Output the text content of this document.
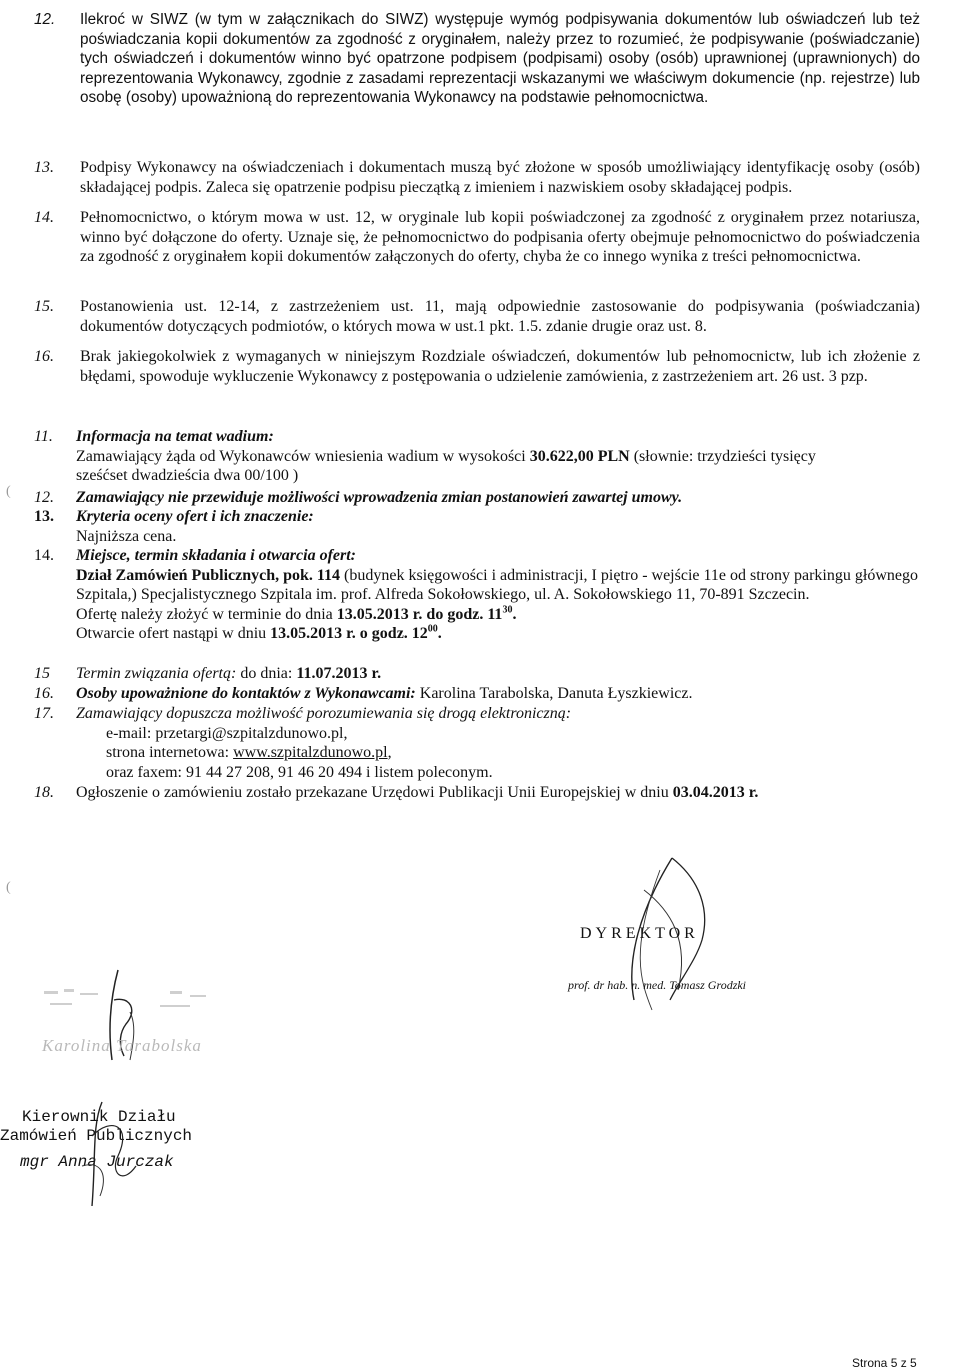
12. Ilekroć w SIWZ (w tym w załącznikach do SIWZ) występuje wymóg podpisywania dokumentów lub oświadczeń lub też poświadczania kopii dokumentów za zgodność z oryginałem, należy przez to rozumieć, że podpisywanie (poświadczanie) tych oświadczeń i dokumentów winno być opatrzone podpisem (podpisami) osoby (osób) uprawnionej (uprawnionych) do reprezentowania Wykonawcy, zgodnie z zasadami reprezentacji wskazanymi we właściwym dokumencie (np. rejestrze) lub osobę (osoby) upoważnioną do reprezentowania Wykonawcy na podstawie pełnomocnictwa.
13. Podpisy Wykonawcy na oświadczeniach i dokumentach muszą być złożone w sposób umożliwiający identyfikację osoby (osób) składającej podpis. Zaleca się opatrzenie podpisu pieczątką z imieniem i nazwiskiem osoby składającej podpis.
14. Pełnomocnictwo, o którym mowa w ust. 12, w oryginale lub kopii poświadczonej za zgodność z oryginałem przez notariusza, winno być dołączone do oferty. Uznaje się, że pełnomocnictwo do podpisania oferty obejmuje pełnomocnictwo do poświadczenia za zgodność z oryginałem kopii dokumentów załączonych do oferty, chyba że co innego wynika z treści pełnomocnictwa.
15. Postanowienia ust. 12-14, z zastrzeżeniem ust. 11, mają odpowiednie zastosowanie do podpisywania (poświadczania) dokumentów dotyczących podmiotów, o których mowa w ust.1 pkt. 1.5. zdanie drugie oraz ust. 8.
16. Brak jakiegokolwiek z wymaganych w niniejszym Rozdziale oświadczeń, dokumentów lub pełnomocnictw, lub ich złożenie z błędami, spowoduje wykluczenie Wykonawcy z postępowania o udzielenie zamówienia, z zastrzeżeniem art. 26 ust. 3 pzp.
11. Informacja na temat wadium:
Zamawiający żąda od Wykonawców wniesienia wadium w wysokości 30.622,00 PLN (słownie: trzydzieści tysięcy
sześćset dwadzieścia dwa 00/100 )
12. Zamawiający nie przewiduje możliwości wprowadzenia zmian postanowień zawartej umowy.
13. Kryteria oceny ofert i ich znaczenie:
Najniższa cena.
14. Miejsce, termin składania i otwarcia ofert:
Dział Zamówień Publicznych, pok. 114 (budynek księgowości i administracji, I piętro - wejście 11e od strony parkingu głównego Szpitala,) Specjalistycznego Szpitala im. prof. Alfreda Sokołowskiego, ul. A. Sokołowskiego 11, 70-891 Szczecin.
Ofertę należy złożyć w terminie do dnia 13.05.2013 r. do godz. $11^{30}$.
Otwarcie ofert nastąpi w dniu 13.05.2013 r. o godz. $12^{00}$.
15 Termin związania ofertą: do dnia: 11.07.2013 r.
16. Osoby upoważnione do kontaktów z Wykonawcami: Karolina Tarabolska, Danuta Łyszkiewicz.
17. Zamawiający dopuszcza możliwość porozumiewania się drogą elektroniczną:
e-mail: przetargi@szpitalzdunowo.pl,
strona internetowa: www.szpitalzdunowo.pl,
oraz faxem: 91 44 27 208, 91 46 20 494 i listem poleconym.
18. Ogłoszenie o zamówieniu zostało przekazane Urzędowi Publikacji Unii Europejskiej w dniu 03.04.2013 r.
(
(
DYREKTOR
prof. dr hab. n. med. Tomasz Grodzki
Karolina Tarabolska
Kierownik Działu
Zamówień Publicznych
mgr Anna Jurczak
Strona 5 z 5
